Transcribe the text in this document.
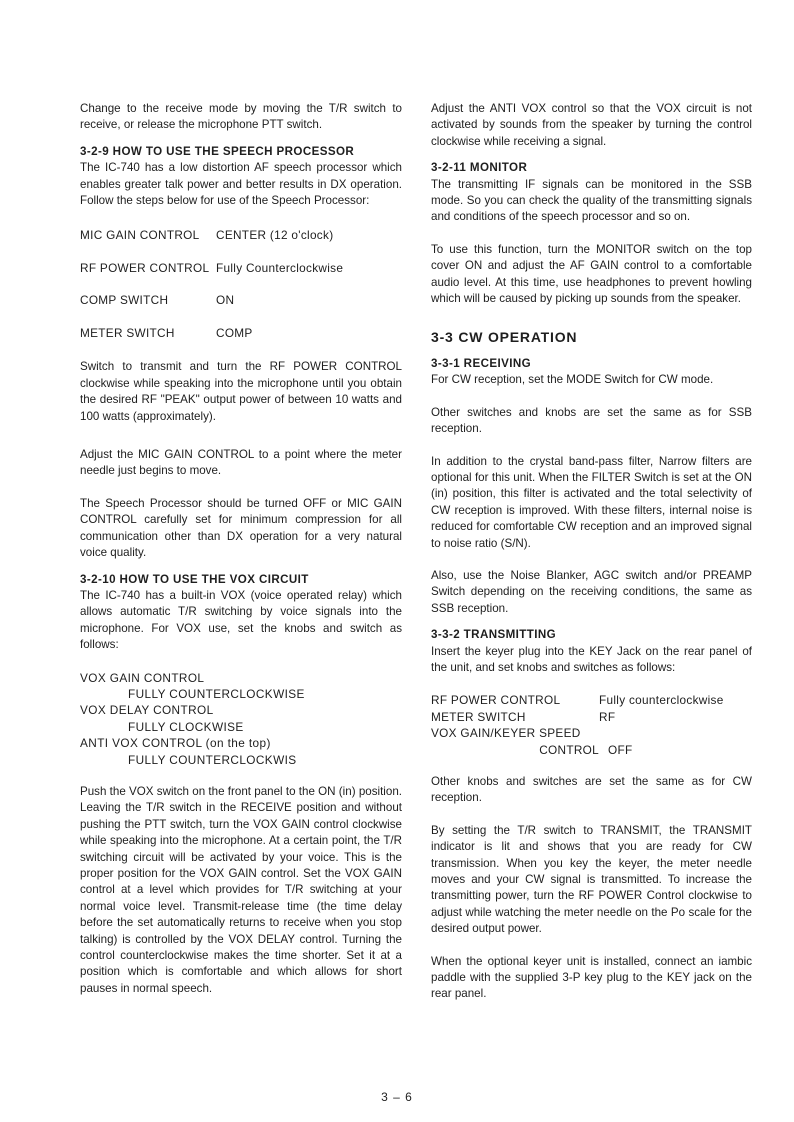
Change to the receive mode by moving the T/R switch to receive, or release the microphone PTT switch.

3-2-9 HOW TO USE THE SPEECH PROCESSOR

The IC-740 has a low distortion AF speech processor which enables greater talk power and better results in DX operation. Follow the steps below for use of the Speech Processor:

MIC GAIN CONTROL	CENTER (12 o'clock)
RF POWER CONTROL Fully Counterclockwise
COMP SWITCH	ON
METER SWITCH	COMP

Switch to transmit and turn the RF POWER CONTROL clockwise while speaking into the microphone until you obtain the desired RF "PEAK" output power of between 10 watts and 100 watts (approximately).

Adjust the MIC GAIN CONTROL to a point where the meter needle just begins to move.

The Speech Processor should be turned OFF or MIC GAIN CONTROL carefully set for minimum compression for all communication other than DX operation for a very natural voice quality.

3-2-10 HOW TO USE THE VOX CIRCUIT

The IC-740 has a built-in VOX (voice operated relay) which allows automatic T/R switching by voice signals into the microphone. For VOX use, set the knobs and switch as follows:

VOX GAIN CONTROL
FULLY COUNTERCLOCKWISE
VOX DELAY CONTROL
FULLY CLOCKWISE
ANTI VOX CONTROL (on the top)
FULLY COUNTERCLOCKWIS

Push the VOX switch on the front panel to the ON (in) position. Leaving the T/R switch in the RECEIVE position and without pushing the PTT switch, turn the VOX GAIN control clockwise while speaking into the microphone. At a certain point, the T/R switching circuit will be activated by your voice. This is the proper position for the VOX GAIN control. Set the VOX GAIN control at a level which provides for T/R switching at your normal voice level. Transmit-release time (the time delay before the set automatically returns to receive when you stop talking) is controlled by the VOX DELAY control. Turning the control counterclockwise makes the time shorter. Set it at a position which is comfortable and which allows for short pauses in normal speech.

Adjust the ANTI VOX control so that the VOX circuit is not activated by sounds from the speaker by turning the control clockwise while receiving a signal.

3-2-11 MONITOR

The transmitting IF signals can be monitored in the SSB mode. So you can check the quality of the transmitting signals and conditions of the speech processor and so on.

To use this function, turn the MONITOR switch on the top cover ON and adjust the AF GAIN control to a comfortable audio level. At this time, use headphones to prevent howling which will be caused by picking up sounds from the speaker.

3-3 CW OPERATION
3-3-1 RECEIVING

For CW reception, set the MODE Switch for CW mode.

Other switches and knobs are set the same as for SSB reception.

In addition to the crystal band-pass filter, Narrow filters are optional for this unit. When the FILTER Switch is set at the ON (in) position, this filter is activated and the total selectivity of CW reception is improved. With these filters, internal noise is reduced for comfortable CW reception and an improved signal to noise ratio (S/N).

Also, use the Noise Blanker, AGC switch and/or PREAMP Switch depending on the receiving conditions, the same as SSB reception.

3-3-2 TRANSMITTING

Insert the keyer plug into the KEY Jack on the rear panel of the unit, and set knobs and switches as follows:

RF POWER CONTROL	Fully counterclockwise
METER SWITCH	RF
VOX GAIN/KEYER SPEED
CONTROL OFF

Other knobs and switches are set the same as for CW reception.

By setting the T/R switch to TRANSMIT, the TRANSMIT indicator is lit and shows that you are ready for CW transmission. When you key the keyer, the meter needle moves and your CW signal is transmitted. To increase the transmitting power, turn the RF POWER Control clockwise to adjust while watching the meter needle on the Po scale for the desired output power.

When the optional keyer unit is installed, connect an iambic paddle with the supplied 3-P key plug to the KEY jack on the rear panel.

3 – 6
